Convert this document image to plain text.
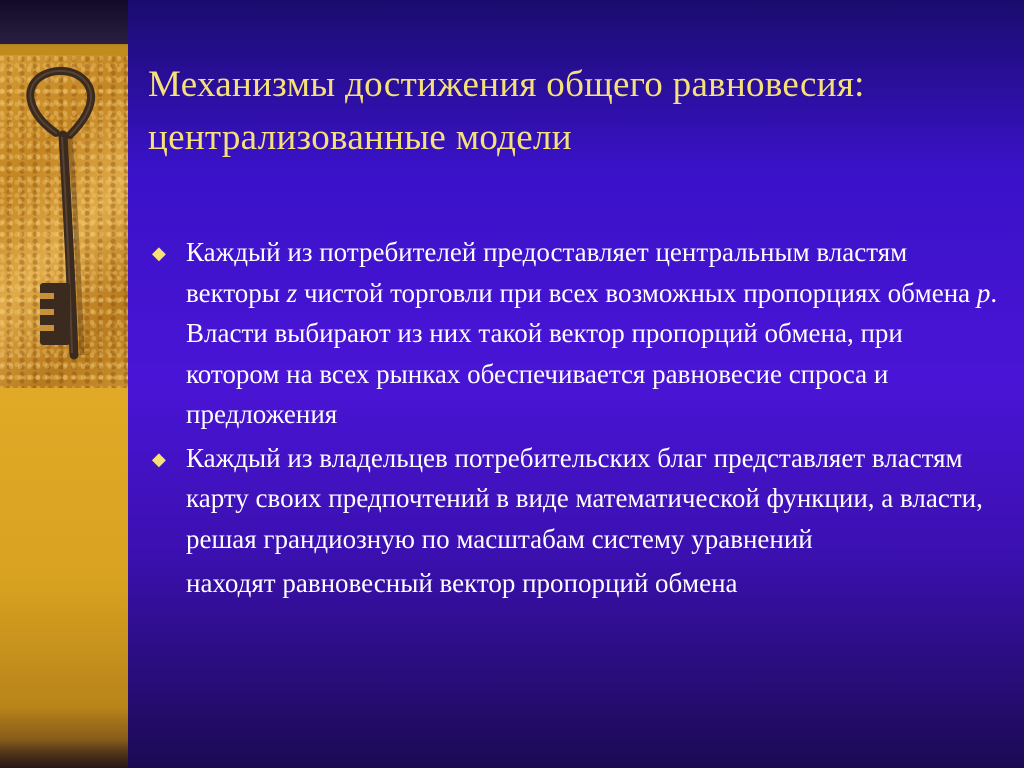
Механизмы достижения общего равновесия: централизованные модели
◆ Каждый из потребителей предоставляет центральным властям векторы z чистой торговли при всех возможных пропорциях обмена p. Власти выбирают из них такой вектор пропорций обмена, при котором на всех рынках обеспечивается равновесие спроса и предложения
◆ Каждый из владельцев потребительских благ представляет властям карту своих предпочтений в виде математической функции, а власти, решая грандиозную по масштабам систему уравнений
находят равновесный вектор пропорций обмена
